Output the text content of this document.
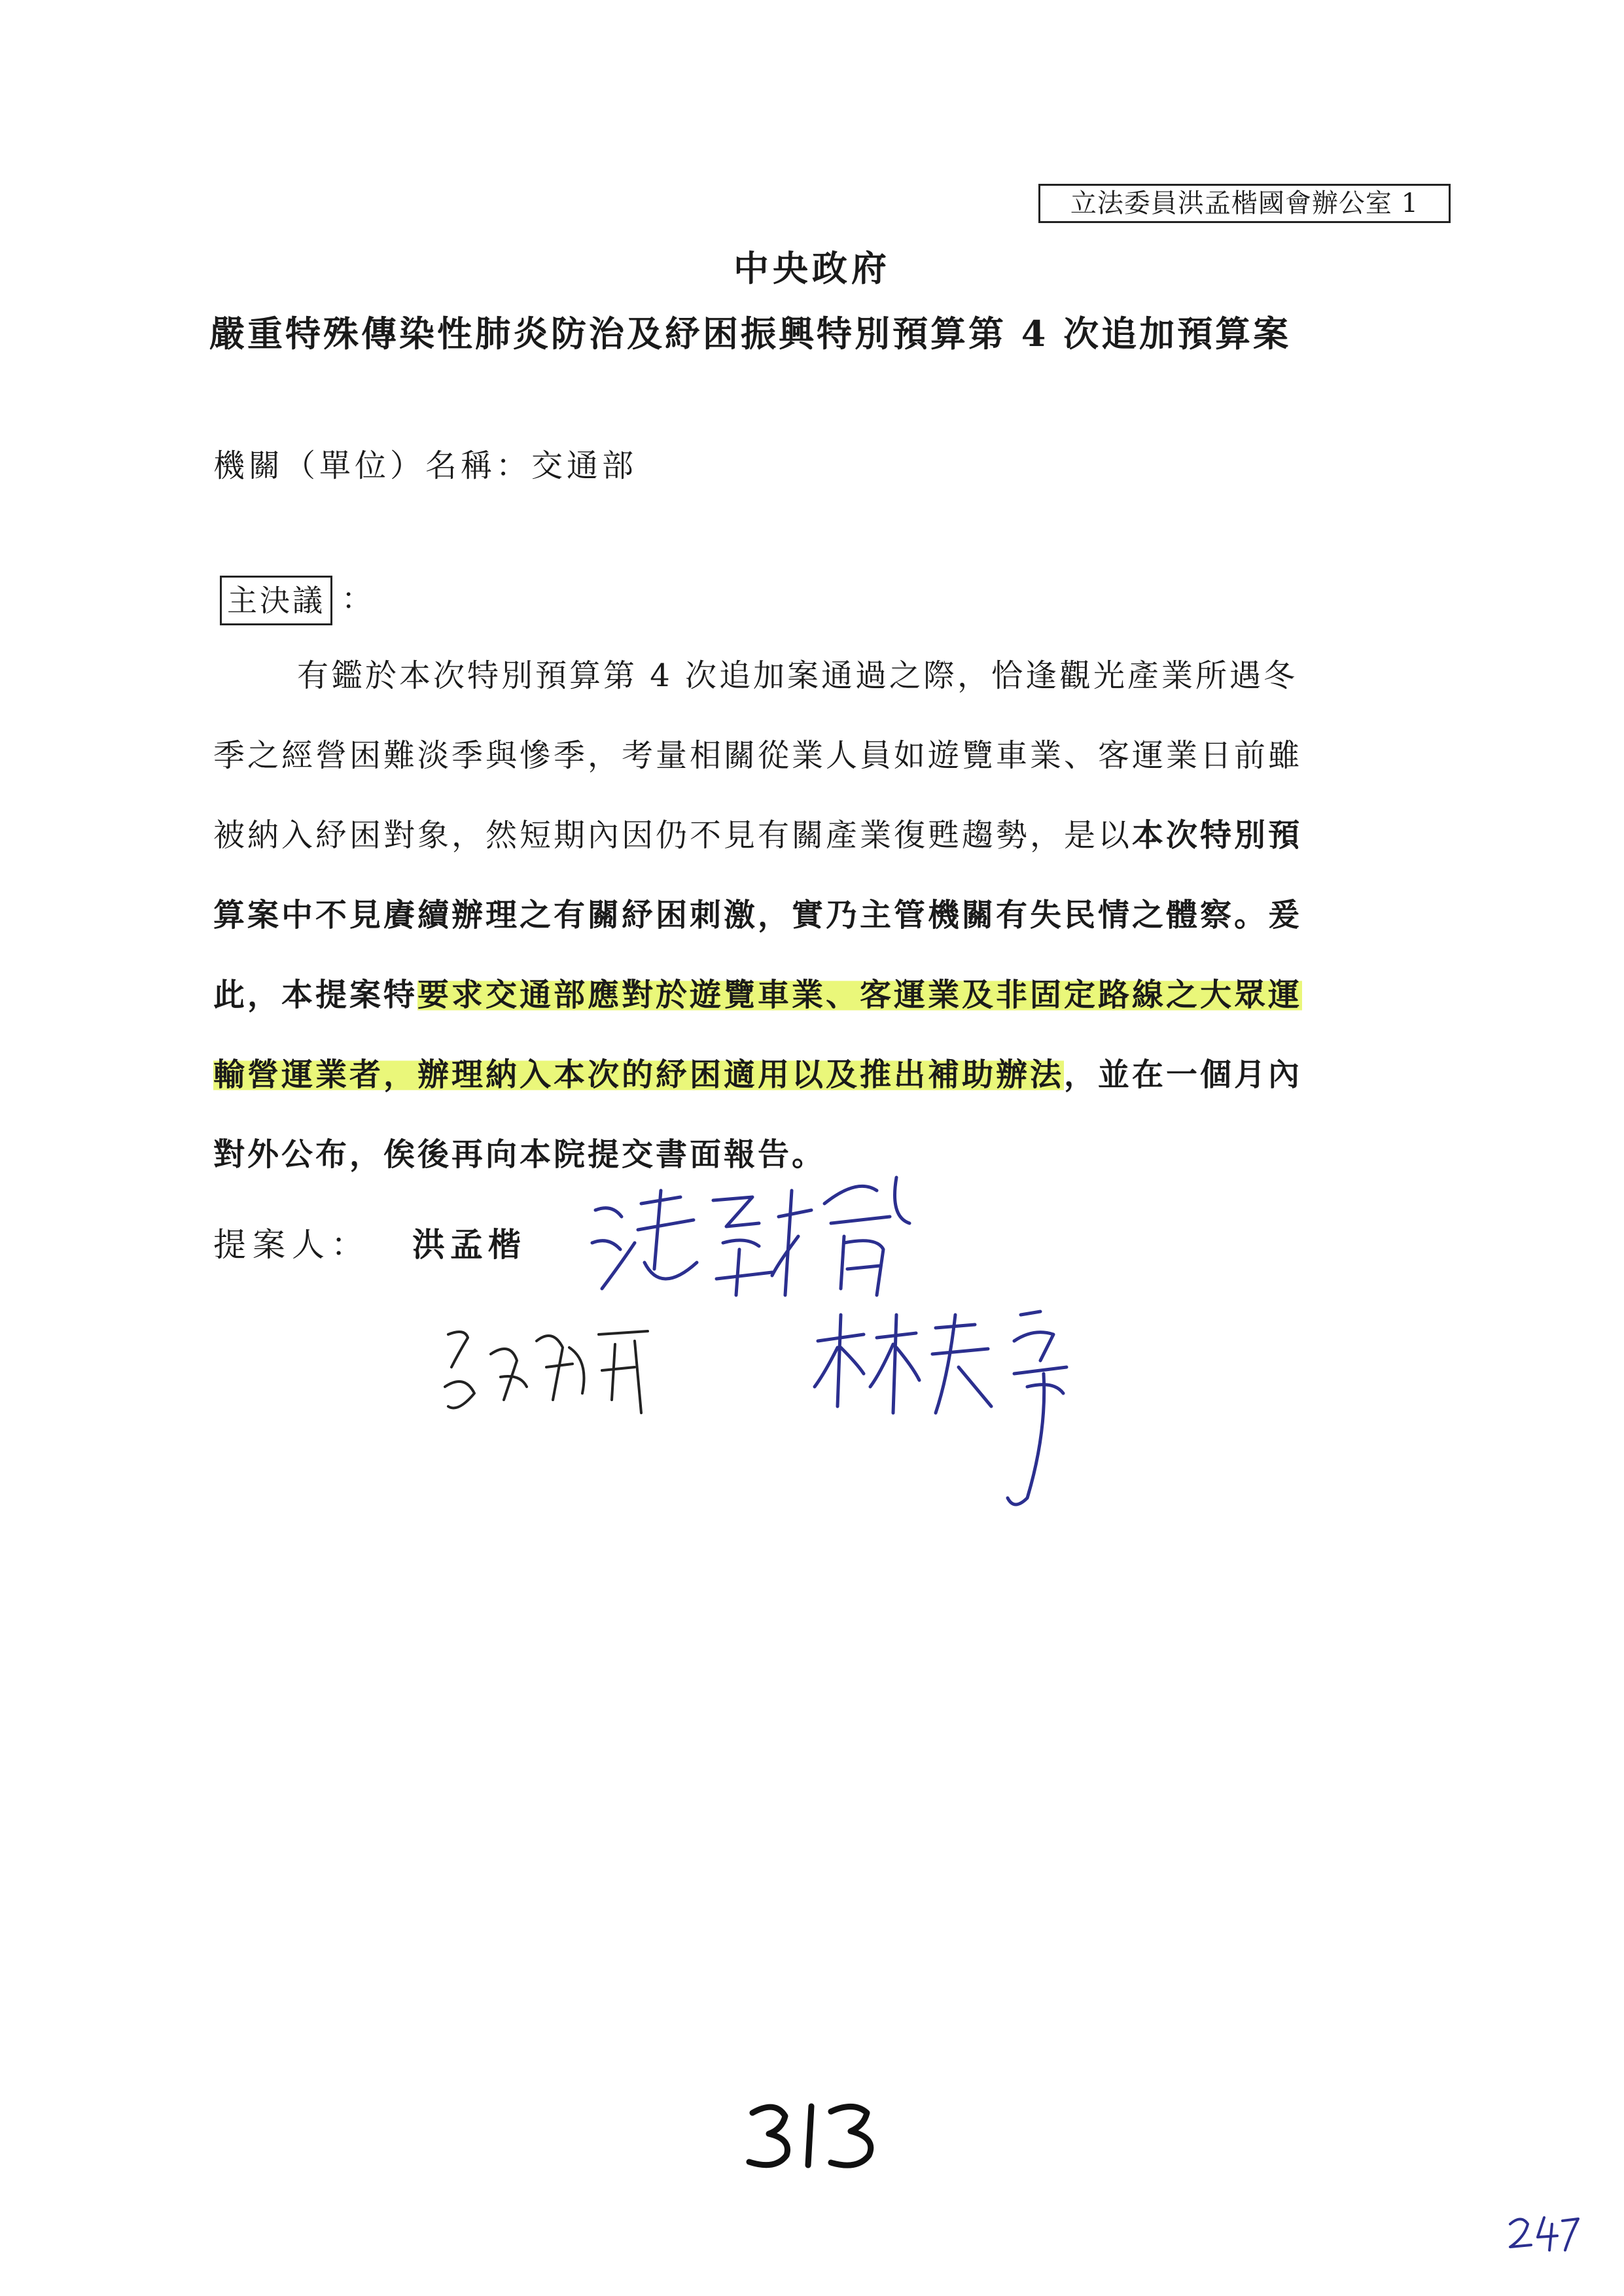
立法委員洪孟楷國會辦公室 1
中央政府
嚴重特殊傳染性肺炎防治及紓困振興特別預算第 4 次追加預算案
機關（單位）名稱：交通部
主決議 ：
有鑑於本次特別預算第 4 次追加案通過之際，恰逢觀光產業所遇冬
季之經營困難淡季與慘季，考量相關從業人員如遊覽車業、客運業日前雖
被納入紓困對象，然短期內因仍不見有關產業復甦趨勢，是以本次特別預
算案中不見賡續辦理之有關紓困刺激，實乃主管機關有失民情之體察。爰
此，本提案特要求交通部應對於遊覽車業、客運業及非固定路線之大眾運
輸營運業者，辦理納入本次的紓困適用以及推出補助辦法，並在一個月內
對外公布，俟後再向本院提交書面報告。
提案人： 洪孟楷
